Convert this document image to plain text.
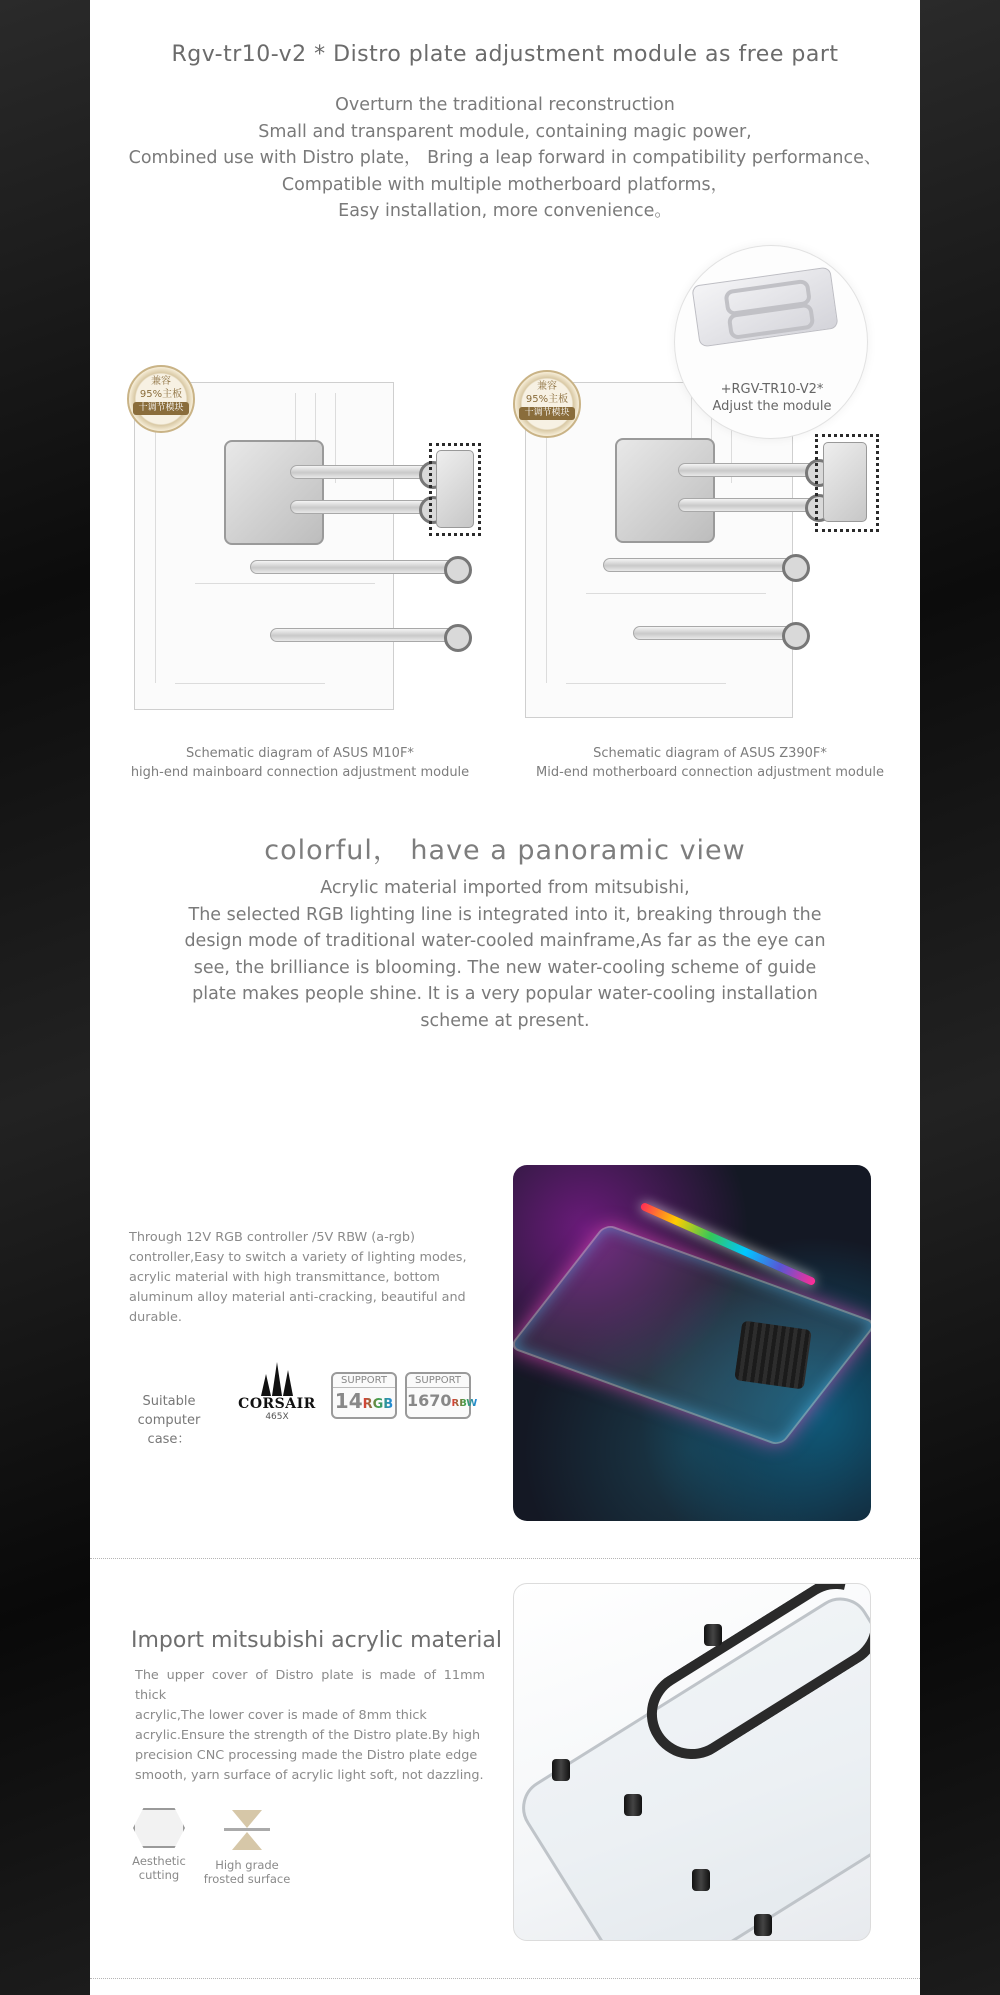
Rgv-tr10-v2 * Distro plate adjustment module as free part
Overturn the traditional reconstruction
Small and transparent module, containing magic power,
Combined use with Distro plate， Bring a leap forward in compatibility performance、
Compatible with multiple motherboard platforms，
Easy installation, more convenience。
兼容
95%主板
十调节模块
Schematic diagram of ASUS M10F*
high-end mainboard connection adjustment module
兼容
95%主板
十调节模块
+RGV-TR10-V2*
Adjust the module
Schematic diagram of ASUS Z390F*
Mid-end motherboard connection adjustment module
colorful， have a panoramic view
Acrylic material imported from mitsubishi,
The selected RGB lighting line is integrated into it, breaking through the
design mode of traditional water-cooled mainframe,As far as the eye can
see, the brilliance is blooming. The new water-cooling scheme of guide
plate makes people shine. It is a very popular water-cooling installation
scheme at present.
Through 12V RGB controller /5V RBW (a-rgb)
controller,Easy to switch a variety of lighting modes,
acrylic material with high transmittance, bottom
aluminum alloy material anti-cracking, beautiful and
durable.
Suitable
computer case：
CORSAIR
465X
SUPPORT
14RGB
SUPPORT
1670RBW
Import mitsubishi acrylic material
The upper cover of Distro plate is made of 11mm thick
acrylic,The lower cover is made of 8mm thick
acrylic.Ensure the strength of the Distro plate.By high
precision CNC processing made the Distro plate edge
smooth, yarn surface of acrylic light soft, not dazzling.
Aesthetic
cutting
High grade
frosted surface
